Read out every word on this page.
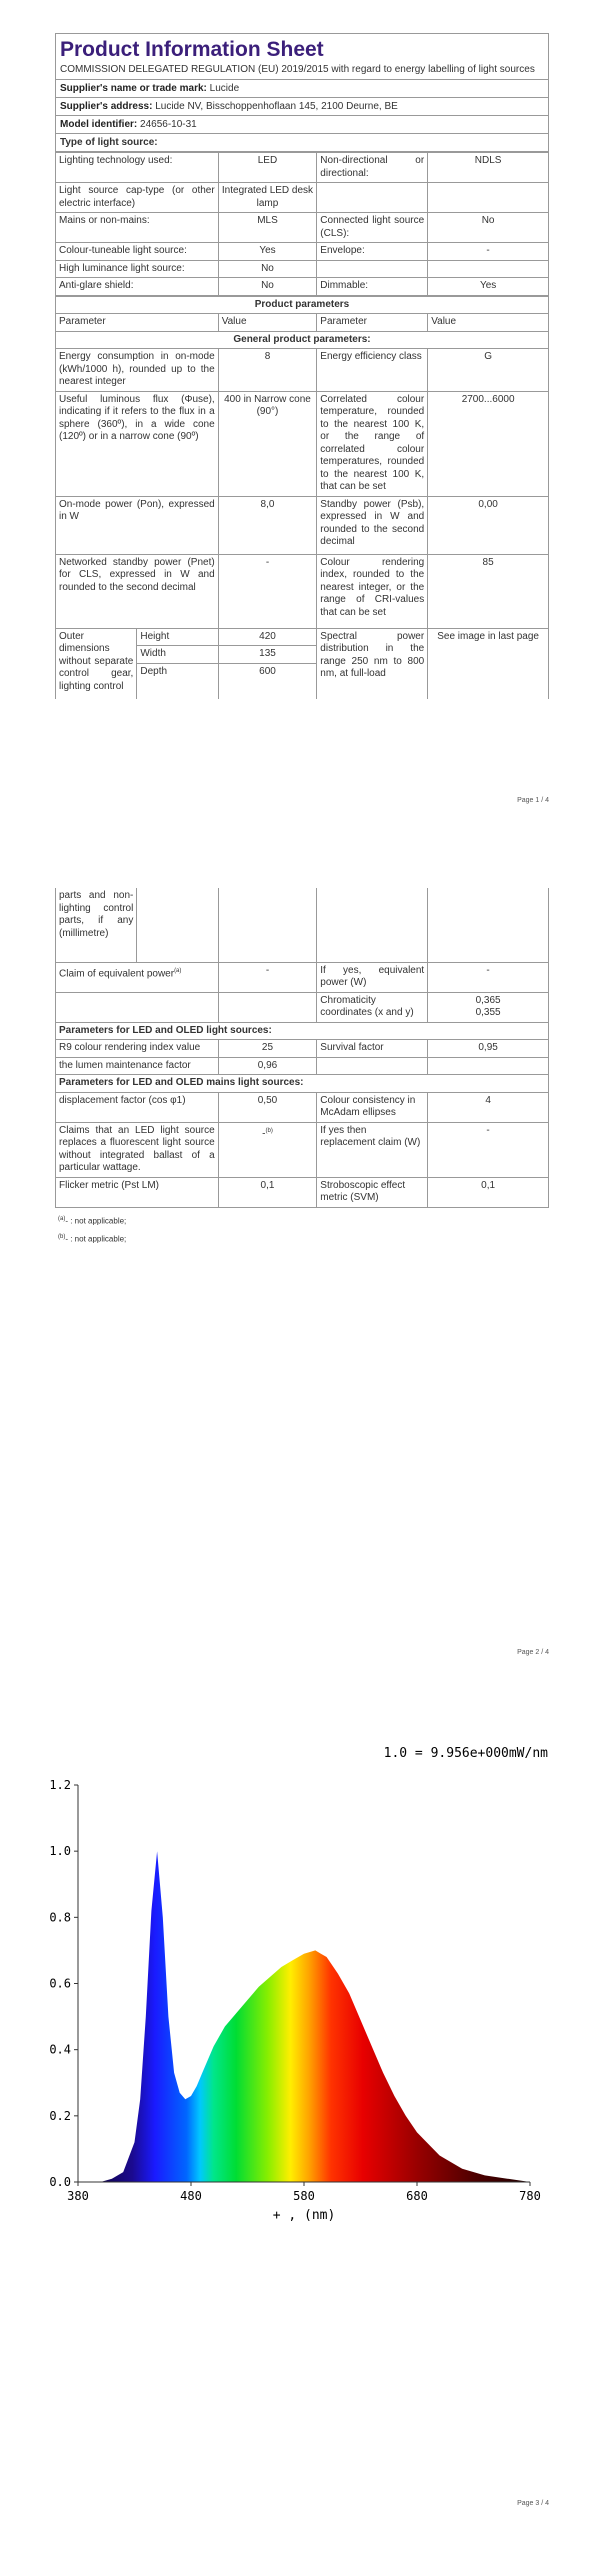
Product Information Sheet
COMMISSION DELEGATED REGULATION (EU) 2019/2015 with regard to energy labelling of light sources
Supplier's name or trade mark: Lucide
Supplier's address: Lucide NV, Bisschoppenhoflaan 145, 2100 Deurne, BE
Model identifier: 24656-10-31
Type of light source:
Lighting technology used:	LED	Non-directional or directional:	NDLS
Light source cap-type (or other electric interface)	Integrated LED desk lamp		
Mains or non-mains:	MLS	Connected light source (CLS):	No
Colour-tuneable light source:	Yes	Envelope:	-
High luminance light source:	No		
Anti-glare shield:	No	Dimmable:	Yes
Product parameters				
Parameter		Value	Parameter	Value
General product parameters:				
Energy consumption in on-mode (kWh/1000 h), rounded up to the nearest integer		8	Energy efficiency class	G
Useful luminous flux (Φuse), indicating if it refers to the flux in a sphere (360º), in a wide cone (120º) or in a narrow cone (90º)		400 in Narrow cone (90°)	Correlated colour temperature, rounded to the nearest 100 K, or the range of correlated colour temperatures, rounded to the nearest 100 K, that can be set	2700...6000
On-mode power (Pon), expressed in W		8,0	Standby power (Psb), expressed in W and rounded to the second decimal	0,00
Networked standby power (Pnet) for CLS, expressed in W and rounded to the second decimal		-	Colour rendering index, rounded to the nearest integer, or the range of CRI-values that can be set	85
Outer dimensions without separate control gear, lighting control	Height	420	Spectral power distribution in the range 250 nm to 800 nm, at full-load	See image in last page
	Width	135		
	Depth	600		
Page 1 / 4
parts and non-lighting control parts, if any (millimetre)				
Claim of equivalent power$^{(a)}$		-	If yes, equivalent power (W)	-
			Chromaticity coordinates (x and y)	0,365
0,355

Parameters for LED and OLED light sources:				
R9 colour rendering index value		25	Survival factor	0,95
the lumen maintenance factor		0,96		
Parameters for LED and OLED mains light sources:				
displacement factor (cos φ1)		0,50	Colour consistency in McAdam ellipses	4
Claims that an LED light source replaces a fluorescent light source without integrated ballast of a particular wattage.		-$^{(b)}$	If yes then replacement claim (W)	-
Flicker metric (Pst LM)		0,1	Stroboscopic effect metric (SVM)	0,1
$^{(a)}$- : not applicable;
$^{(b)}$- : not applicable;
Page 2 / 4
1.0 = 9.956e+000mW/nm
0.0
0.2
0.4
0.6
0.8
1.0
1.2
380	480	580	680	780
+ , (nm)
Page 3 / 4
